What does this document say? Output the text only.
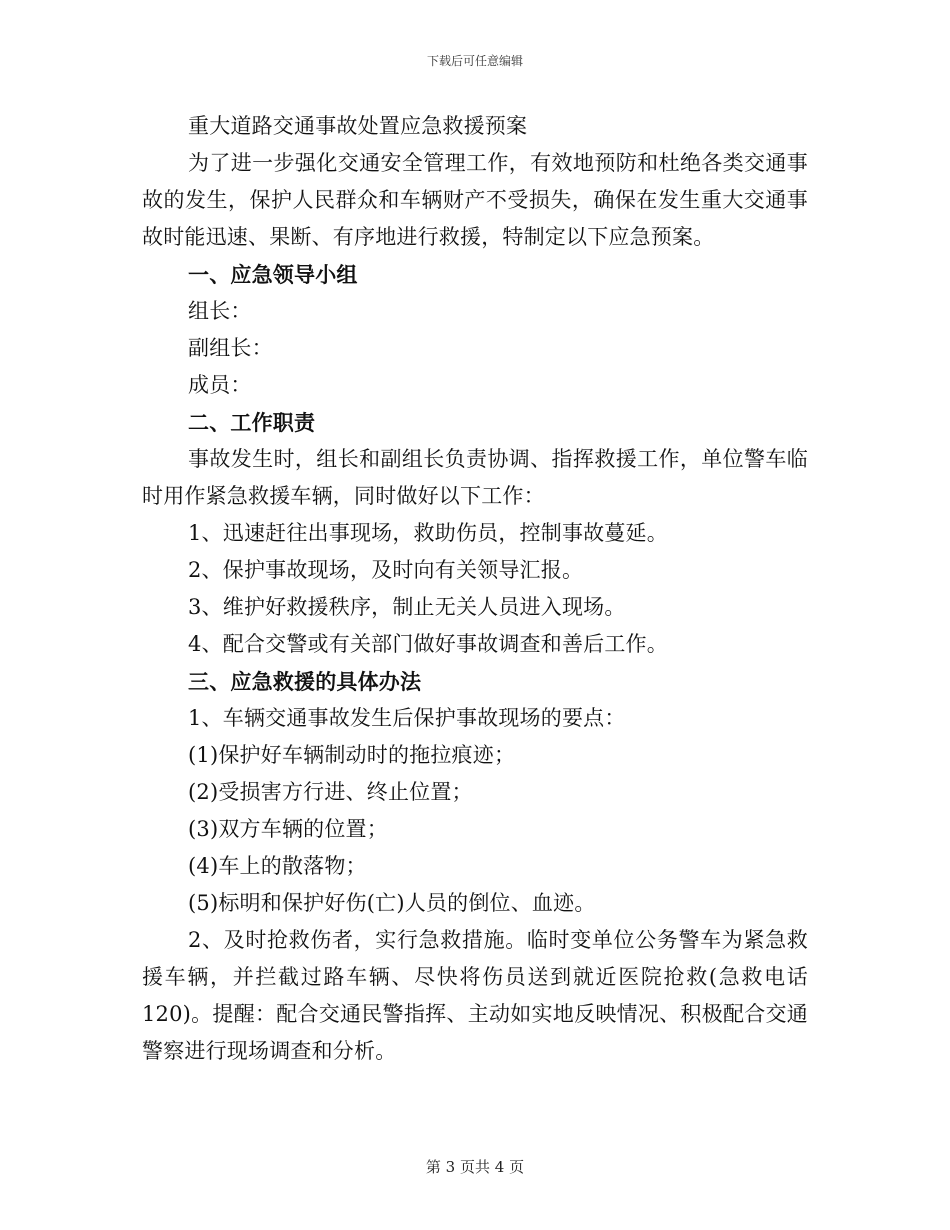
下载后可任意编辑

重大道路交通事故处置应急救援预案

为了进一步强化交通安全管理工作，有效地预防和杜绝各类交通事故的发生，保护人民群众和车辆财产不受损失，确保在发生重大交通事故时能迅速、果断、有序地进行救援，特制定以下应急预案。

一、应急领导小组

组长：

副组长：

成员：

二、工作职责

事故发生时，组长和副组长负责协调、指挥救援工作，单位警车临时用作紧急救援车辆，同时做好以下工作：

1、迅速赶往出事现场，救助伤员，控制事故蔓延。

2、保护事故现场，及时向有关领导汇报。

3、维护好救援秩序，制止无关人员进入现场。

4、配合交警或有关部门做好事故调查和善后工作。

三、应急救援的具体办法

1、车辆交通事故发生后保护事故现场的要点：

(1)保护好车辆制动时的拖拉痕迹；

(2)受损害方行进、终止位置；

(3)双方车辆的位置；

(4)车上的散落物；

(5)标明和保护好伤(亡)人员的倒位、血迹。

2、及时抢救伤者，实行急救措施。临时变单位公务警车为紧急救援车辆，并拦截过路车辆、尽快将伤员送到就近医院抢救(急救电话120)。提醒：配合交通民警指挥、主动如实地反映情况、积极配合交通警察进行现场调查和分析。

第 3 页共 4 页
